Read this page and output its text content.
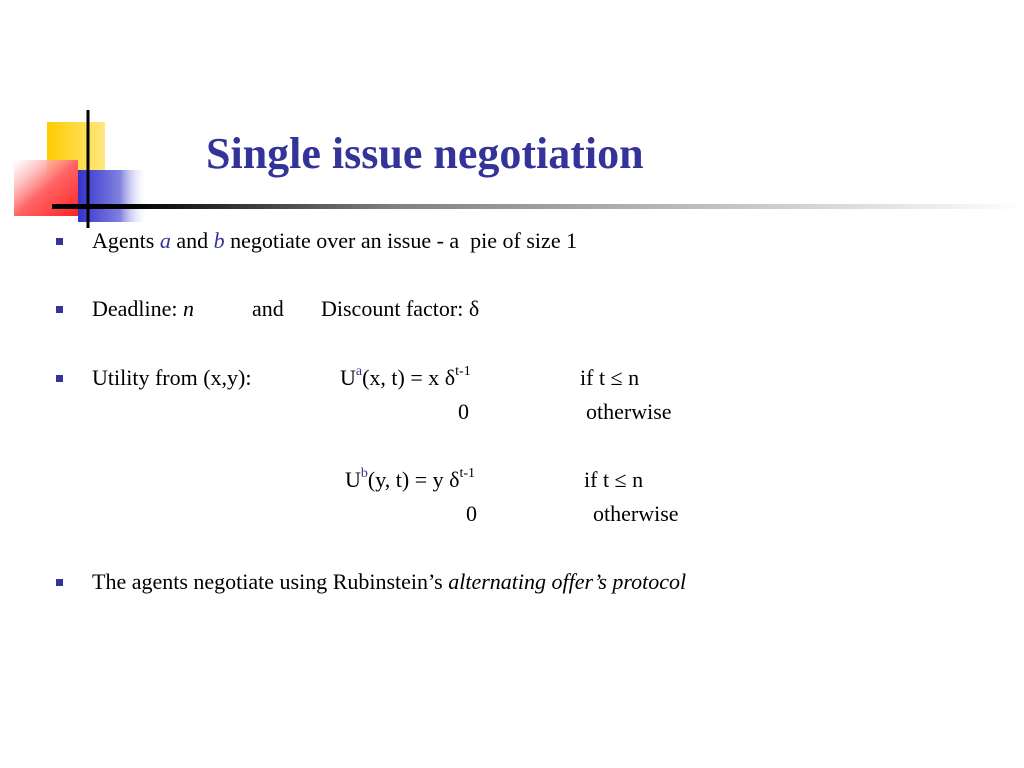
Single issue negotiation
Agents a and b negotiate over an issue - a  pie of size 1
Deadline: n	and Discount factor: δ
Utility from (x,y):	$U^a(x$, t) = x $\delta^{t-1}$	if t ≤ n
0	otherwise
$U^b(y$, t) = y $\delta^{t-1}$	if t ≤ n
0	otherwise
The agents negotiate using Rubinstein’s alternating offer’s protocol
